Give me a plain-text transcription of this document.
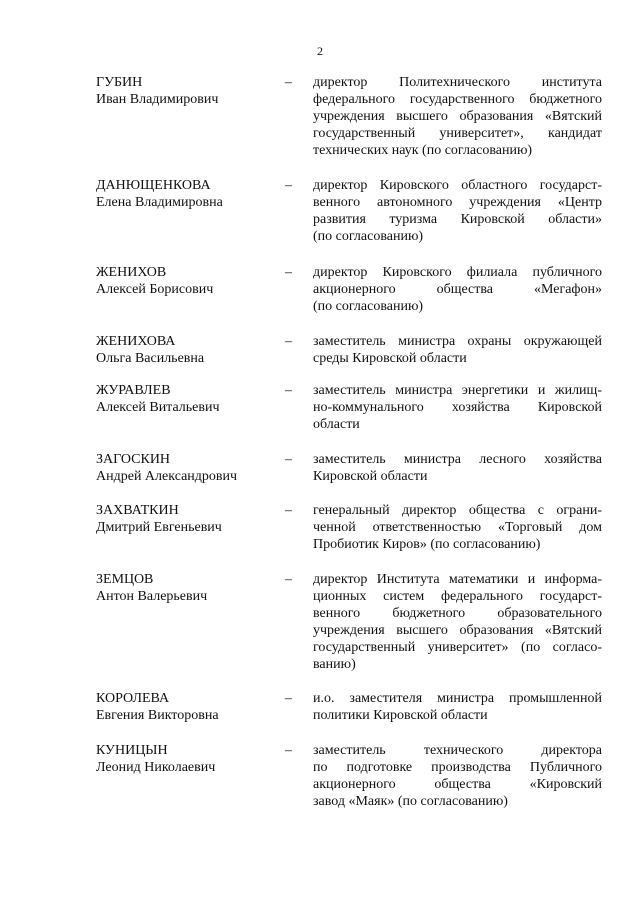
2
ГУБИН
Иван Владимирович
– директор Политехнического института
федерального государственного бюджетного
учреждения высшего образования «Вятский
государственный университет», кандидат
технических наук (по согласованию)
ДАНЮЩЕНКОВА
Елена Владимировна
– директор Кировского областного государст-
венного автономного учреждения «Центр
развития туризма Кировской области»
(по согласованию)
ЖЕНИХОВ
Алексей Борисович
– директор Кировского филиала публичного
акционерного общества «Мегафон»
(по согласованию)
ЖЕНИХОВА
Ольга Васильевна
– заместитель министра охраны окружающей
среды Кировской области
ЖУРАВЛЕВ
Алексей Витальевич
– заместитель министра энергетики и жилищ-
но-коммунального хозяйства Кировской
области
ЗАГОСКИН
Андрей Александрович
– заместитель министра лесного хозяйства
Кировской области
ЗАХВАТКИН
Дмитрий Евгеньевич
– генеральный директор общества с ограни-
ченной ответственностью «Торговый дом
Пробиотик Киров» (по согласованию)
ЗЕМЦОВ
Антон Валерьевич
– директор Института математики и информа-
ционных систем федерального государст-
венного бюджетного образовательного
учреждения высшего образования «Вятский
государственный университет» (по согласо-
ванию)
КОРОЛЕВА
Евгения Викторовна
– и.о. заместителя министра промышленной
политики Кировской области
КУНИЦЫН
Леонид Николаевич
– заместитель технического директора
по подготовке производства Публичного
акционерного общества «Кировский
завод «Маяк» (по согласованию)
